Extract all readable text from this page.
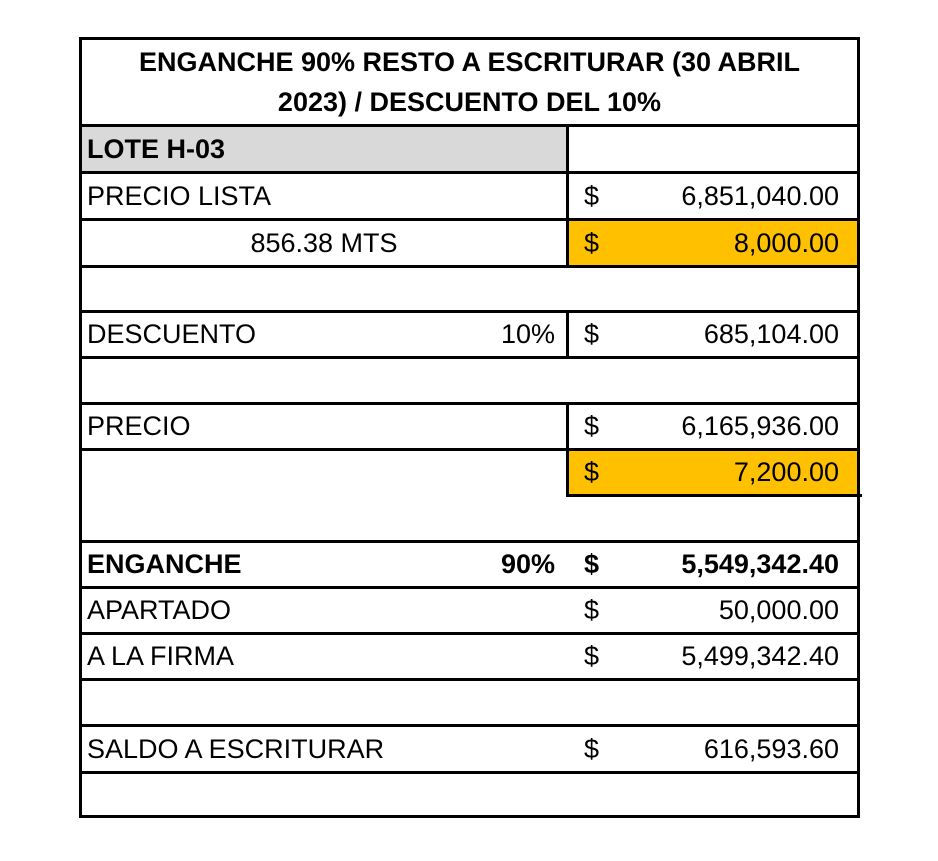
ENGANCHE 90% RESTO A ESCRITURAR (30 ABRIL
2023) / DESCUENTO DEL 10%
LOTE H-03
PRECIO LISTA	$	6,851,040.00
856.38 MTS	$	8,000.00
DESCUENTO	10% $	685,104.00
PRECIO	$	6,165,936.00
$	7,200.00
ENGANCHE	90% $	5,549,342.40
APARTADO	$	50,000.00
A LA FIRMA	$	5,499,342.40
SALDO A ESCRITURAR	$	616,593.60
